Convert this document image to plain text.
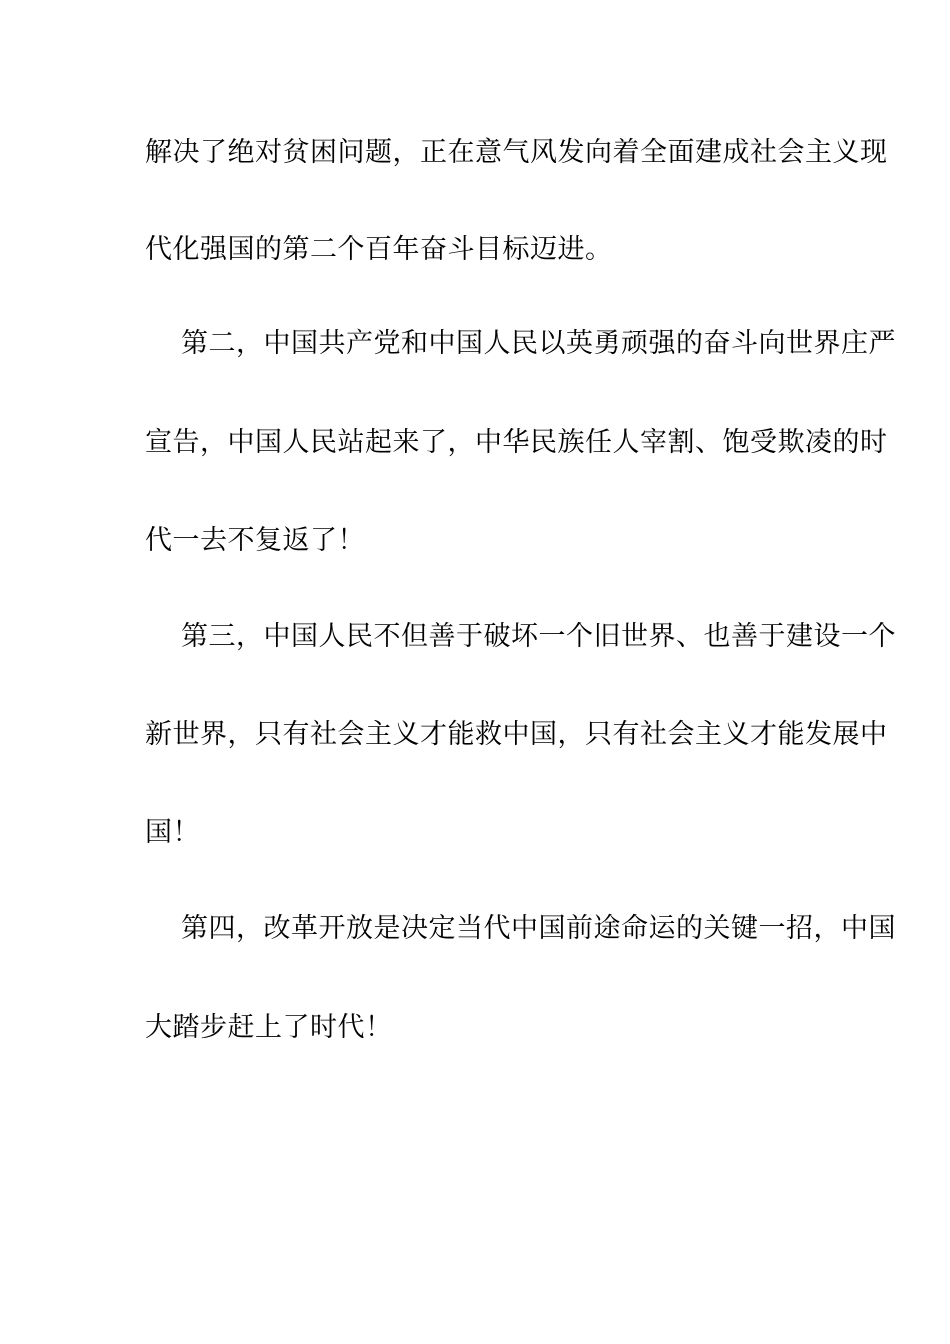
解决了绝对贫困问题，正在意气风发向着全面建成社会主义现
代化强国的第二个百年奋斗目标迈进。
第二，中国共产党和中国人民以英勇顽强的奋斗向世界庄严
宣告，中国人民站起来了，中华民族任人宰割、饱受欺凌的时
代一去不复返了！
第三，中国人民不但善于破坏一个旧世界、也善于建设一个
新世界，只有社会主义才能救中国，只有社会主义才能发展中
国！
第四，改革开放是决定当代中国前途命运的关键一招，中国
大踏步赶上了时代！
